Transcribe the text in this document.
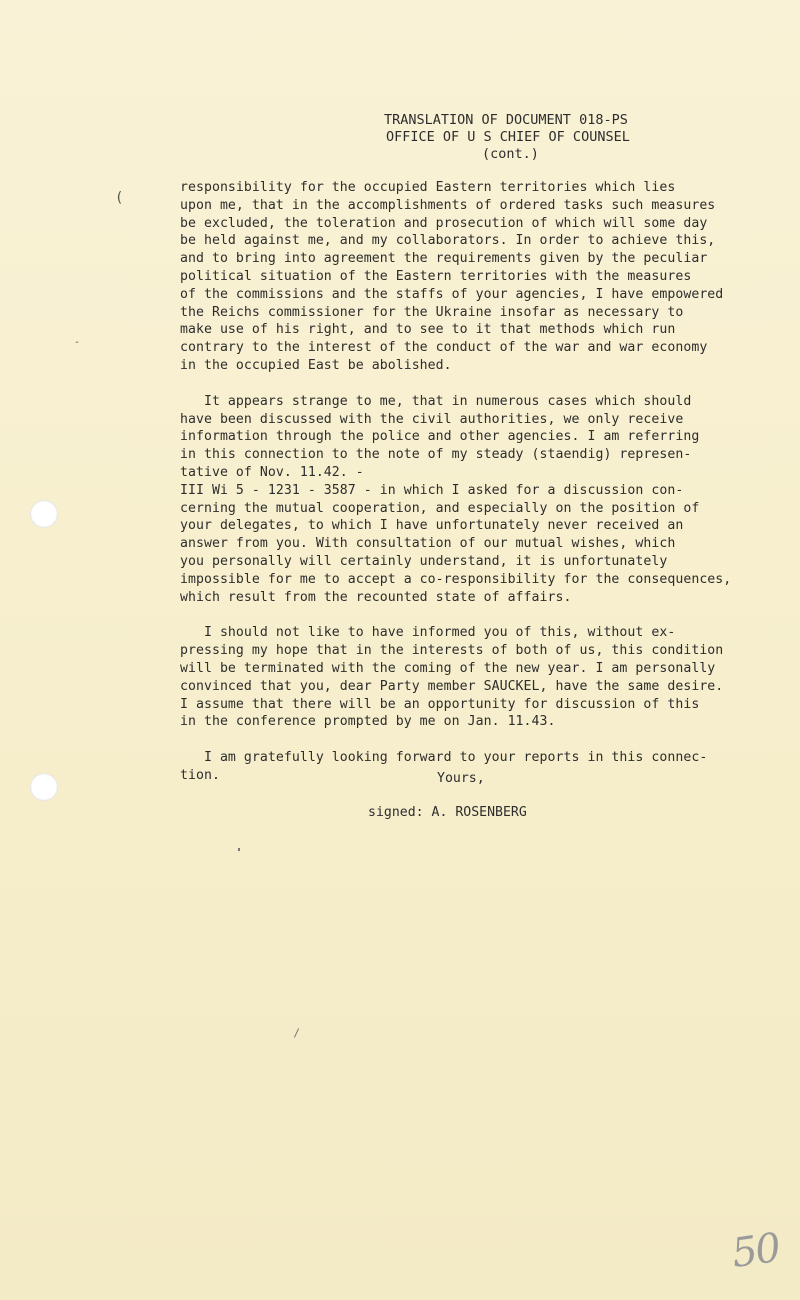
(
-
TRANSLATION OF DOCUMENT 018-PS
OFFICE OF U S CHIEF OF COUNSEL
(cont.)
responsibility for the occupied Eastern territories which lies
upon me, that in the accomplishments of ordered tasks such measures
be excluded, the toleration and prosecution of which will some day
be held against me, and my collaborators. In order to achieve this,
and to bring into agreement the requirements given by the peculiar
political situation of the Eastern territories with the measures
of the commissions and the staffs of your agencies, I have empowered
the Reichs commissioner for the Ukraine insofar as necessary to
make use of his right, and to see to it that methods which run
contrary to the interest of the conduct of the war and war economy
in the occupied East be abolished.
It appears strange to me, that in numerous cases which should
have been discussed with the civil authorities, we only receive
information through the police and other agencies. I am referring
in this connection to the note of my steady (staendig) represen-
tative of Nov. 11.42. -
III Wi 5 - 1231 - 3587 - in which I asked for a discussion con-
cerning the mutual cooperation, and especially on the position of
your delegates, to which I have unfortunately never received an
answer from you. With consultation of our mutual wishes, which
you personally will certainly understand, it is unfortunately
impossible for me to accept a co-responsibility for the consequences,
which result from the recounted state of affairs.
I should not like to have informed you of this, without ex-
pressing my hope that in the interests of both of us, this condition
will be terminated with the coming of the new year. I am personally
convinced that you, dear Party member SAUCKEL, have the same desire.
I assume that there will be an opportunity for discussion of this
in the conference prompted by me on Jan. 11.43.
I am gratefully looking forward to your reports in this connec-
tion.	Yours,
signed: A. ROSENBERG
50
